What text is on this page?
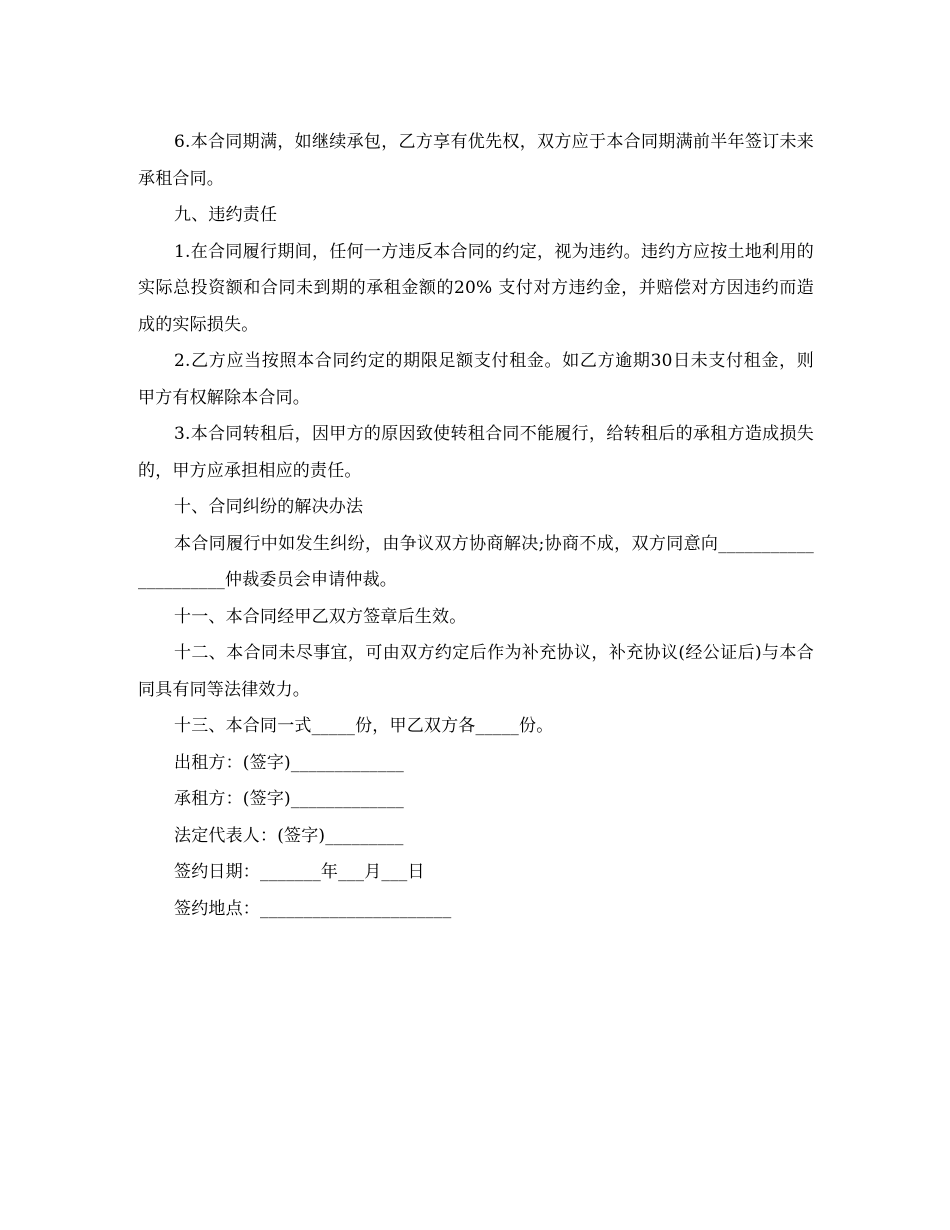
6.本合同期满，如继续承包，乙方享有优先权，双方应于本合同期满前半年签订未来承租合同。

九、违约责任

1.在合同履行期间，任何一方违反本合同的约定，视为违约。违约方应按土地利用的实际总投资额和合同未到期的承租金额的20% 支付对方违约金，并赔偿对方因违约而造成的实际损失。

2.乙方应当按照本合同约定的期限足额支付租金。如乙方逾期30日未支付租金，则甲方有权解除本合同。

3.本合同转租后，因甲方的原因致使转租合同不能履行，给转租后的承租方造成损失的，甲方应承担相应的责任。

十、合同纠纷的解决办法

本合同履行中如发生纠纷，由争议双方协商解决;协商不成，双方同意向_____________________仲裁委员会申请仲裁。

十一、本合同经甲乙双方签章后生效。

十二、本合同未尽事宜，可由双方约定后作为补充协议，补充协议(经公证后)与本合同具有同等法律效力。

十三、本合同一式_____份，甲乙双方各_____份。

出租方：(签字)_____________

承租方：(签字)_____________

法定代表人：(签字)_________

签约日期：_______年___月___日

签约地点：______________________
